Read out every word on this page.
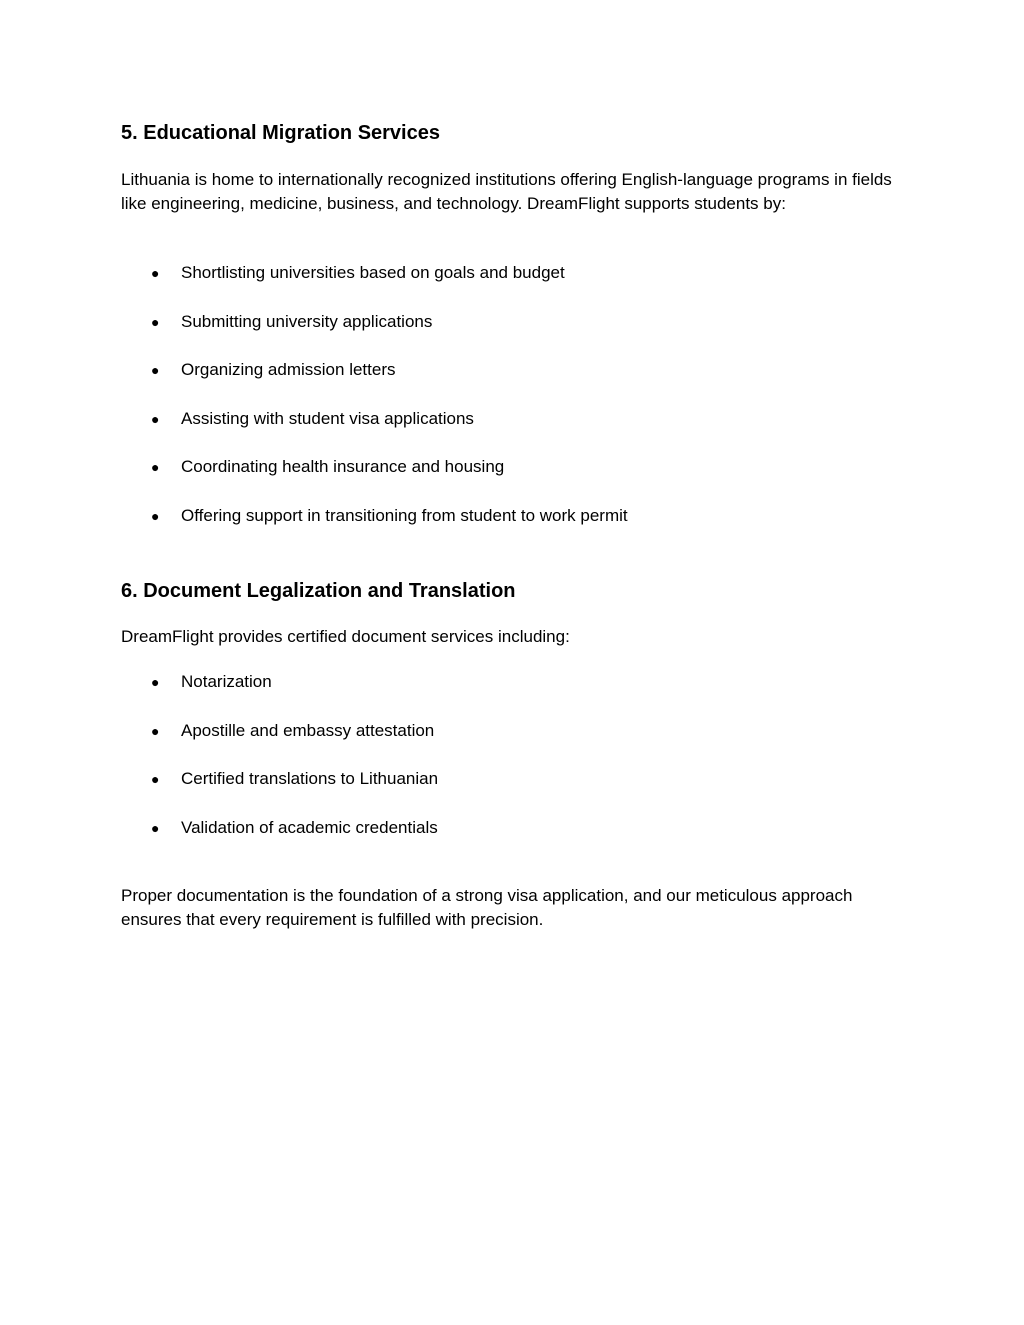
5. Educational Migration Services

Lithuania is home to internationally recognized institutions offering English-language programs in fields like engineering, medicine, business, and technology. DreamFlight supports students by:

● Shortlisting universities based on goals and budget
● Submitting university applications
● Organizing admission letters
● Assisting with student visa applications
● Coordinating health insurance and housing
● Offering support in transitioning from student to work permit
6. Document Legalization and Translation

DreamFlight provides certified document services including:

● Notarization
● Apostille and embassy attestation
● Certified translations to Lithuanian
● Validation of academic credentials

Proper documentation is the foundation of a strong visa application, and our meticulous approach ensures that every requirement is fulfilled with precision.
